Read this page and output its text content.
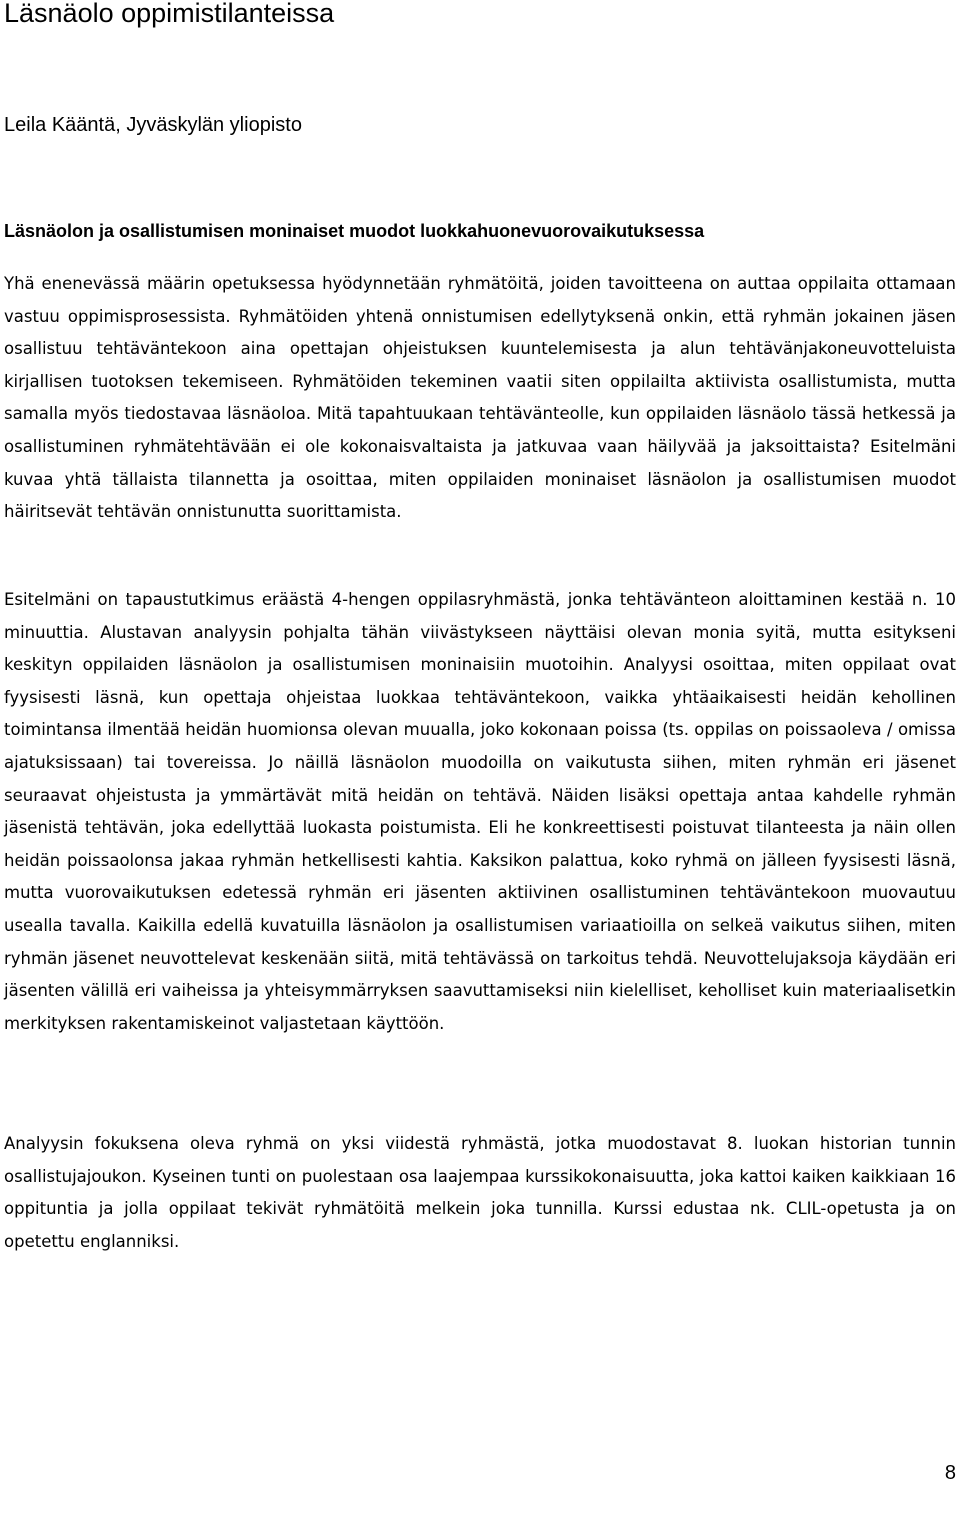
Läsnäolo oppimistilanteissa

Leila Kääntä, Jyväskylän yliopisto

Läsnäolon ja osallistumisen moninaiset muodot luokkahuonevuorovaikutuksessa

Yhä enenevässä määrin opetuksessa hyödynnetään ryhmätöitä, joiden tavoitteena on auttaa oppilaita ottamaan vastuu oppimisprosessista. Ryhmätöiden yhtenä onnistumisen edellytyksenä onkin, että ryhmän jokainen jäsen osallistuu tehtäväntekoon aina opettajan ohjeistuksen kuuntelemisesta ja alun tehtävänjakoneuvotteluista kirjallisen tuotoksen tekemiseen. Ryhmätöiden tekeminen vaatii siten oppilailta aktiivista osallistumista, mutta samalla myös tiedostavaa läsnäoloa. Mitä tapahtuukaan tehtävänteolle, kun oppilaiden läsnäolo tässä hetkessä ja osallistuminen ryhmätehtävään ei ole kokonaisvaltaista ja jatkuvaa vaan häilyvää ja jaksoittaista? Esitelmäni kuvaa yhtä tällaista tilannetta ja osoittaa, miten oppilaiden moninaiset läsnäolon ja osallistumisen muodot häiritsevät tehtävän onnistunutta suorittamista.

Esitelmäni on tapaustutkimus eräästä 4-hengen oppilasryhmästä, jonka tehtävänteon aloittaminen kestää n. 10 minuuttia. Alustavan analyysin pohjalta tähän viivästykseen näyttäisi olevan monia syitä, mutta esitykseni keskityn oppilaiden läsnäolon ja osallistumisen moninaisiin muotoihin. Analyysi osoittaa, miten oppilaat ovat fyysisesti läsnä, kun opettaja ohjeistaa luokkaa tehtäväntekoon, vaikka yhtäaikaisesti heidän kehollinen toimintansa ilmentää heidän huomionsa olevan muualla, joko kokonaan poissa (ts. oppilas on poissaoleva / omissa ajatuksissaan) tai tovereissa. Jo näillä läsnäolon muodoilla on vaikutusta siihen, miten ryhmän eri jäsenet seuraavat ohjeistusta ja ymmärtävät mitä heidän on tehtävä. Näiden lisäksi opettaja antaa kahdelle ryhmän jäsenistä tehtävän, joka edellyttää luokasta poistumista. Eli he konkreettisesti poistuvat tilanteesta ja näin ollen heidän poissaolonsa jakaa ryhmän hetkellisesti kahtia. Kaksikon palattua, koko ryhmä on jälleen fyysisesti läsnä, mutta vuorovaikutuksen edetessä ryhmän eri jäsenten aktiivinen osallistuminen tehtäväntekoon muovautuu usealla tavalla. Kaikilla edellä kuvatuilla läsnäolon ja osallistumisen variaatioilla on selkeä vaikutus siihen, miten ryhmän jäsenet neuvottelevat keskenään siitä, mitä tehtävässä on tarkoitus tehdä. Neuvottelujaksoja käydään eri jäsenten välillä eri vaiheissa ja yhteisymmärryksen saavuttamiseksi niin kielelliset, keholliset kuin materiaalisetkin merkityksen rakentamiskeinot valjastetaan käyttöön.

Analyysin fokuksena oleva ryhmä on yksi viidestä ryhmästä, jotka muodostavat 8. luokan historian tunnin osallistujajoukon. Kyseinen tunti on puolestaan osa laajempaa kurssikokonaisuutta, joka kattoi kaiken kaikkiaan 16 oppituntia ja jolla oppilaat tekivät ryhmätöitä melkein joka tunnilla. Kurssi edustaa nk. CLIL-opetusta ja on opetettu englanniksi.

8
